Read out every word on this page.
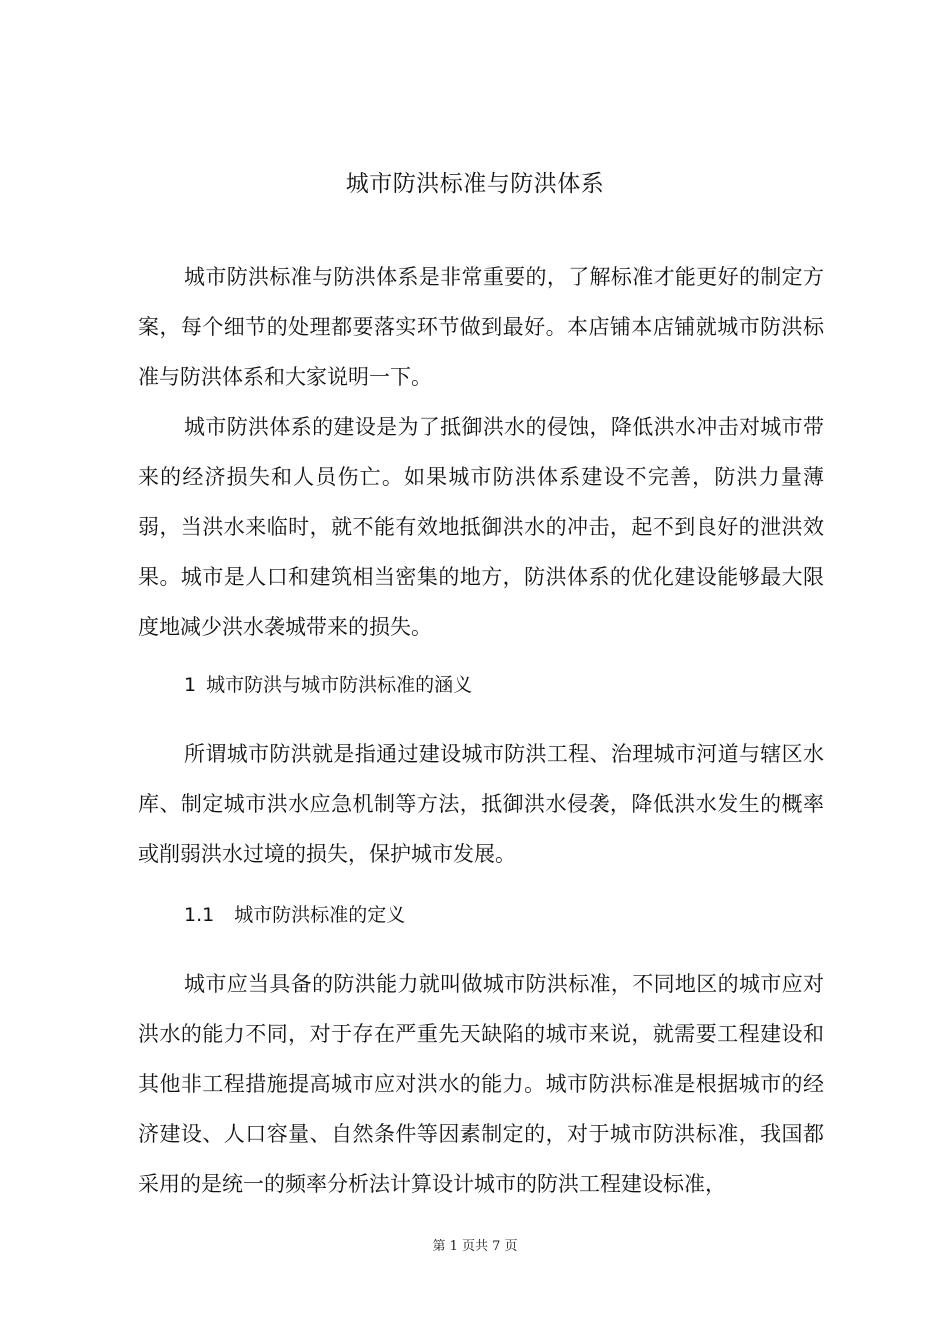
城市防洪标准与防洪体系

城市防洪标准与防洪体系是非常重要的，了解标准才能更好的制定方案，每个细节的处理都要落实环节做到最好。本店铺本店铺就城市防洪标准与防洪体系和大家说明一下。

城市防洪体系的建设是为了抵御洪水的侵蚀，降低洪水冲击对城市带来的经济损失和人员伤亡。如果城市防洪体系建设不完善，防洪力量薄弱，当洪水来临时，就不能有效地抵御洪水的冲击，起不到良好的泄洪效果。城市是人口和建筑相当密集的地方，防洪体系的优化建设能够最大限度地减少洪水袭城带来的损失。

1 城市防洪与城市防洪标准的涵义

所谓城市防洪就是指通过建设城市防洪工程、治理城市河道与辖区水库、制定城市洪水应急机制等方法，抵御洪水侵袭，降低洪水发生的概率或削弱洪水过境的损失，保护城市发展。

1.1 城市防洪标准的定义

城市应当具备的防洪能力就叫做城市防洪标准，不同地区的城市应对洪水的能力不同，对于存在严重先天缺陷的城市来说，就需要工程建设和其他非工程措施提高城市应对洪水的能力。城市防洪标准是根据城市的经济建设、人口容量、自然条件等因素制定的，对于城市防洪标准，我国都采用的是统一的频率分析法计算设计城市的防洪工程建设标准，

第 1 页共 7 页
